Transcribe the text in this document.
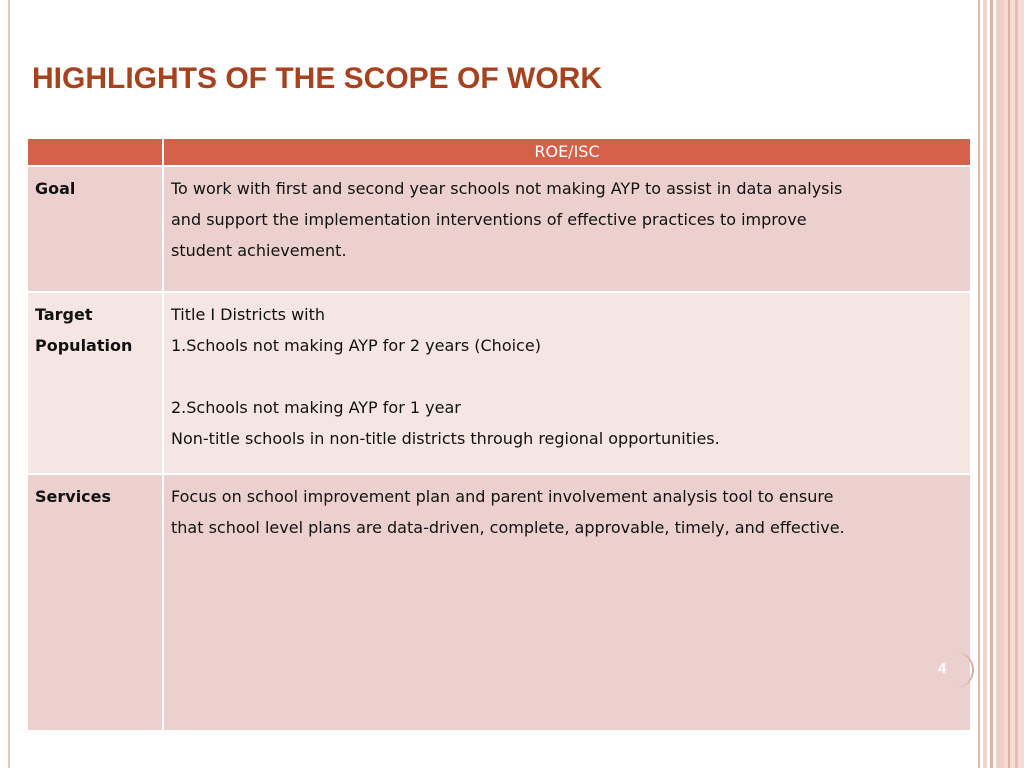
HIGHLIGHTS OF THE SCOPE OF WORK
	ROE/ISC
Goal	To work with first and second year schools not making AYP to assist in data analysis
and support the implementation interventions of effective practices to improve
student achievement.

Target
Population	Title I Districts with
1.Schools not making AYP for 2 years (Choice)
2.Schools not making AYP for 1 year
Non-title schools in non-title districts through regional opportunities.

Services	Focus on school improvement plan and parent involvement analysis tool to ensure
that school level plans are data-driven, complete, approvable, timely, and effective.
4
